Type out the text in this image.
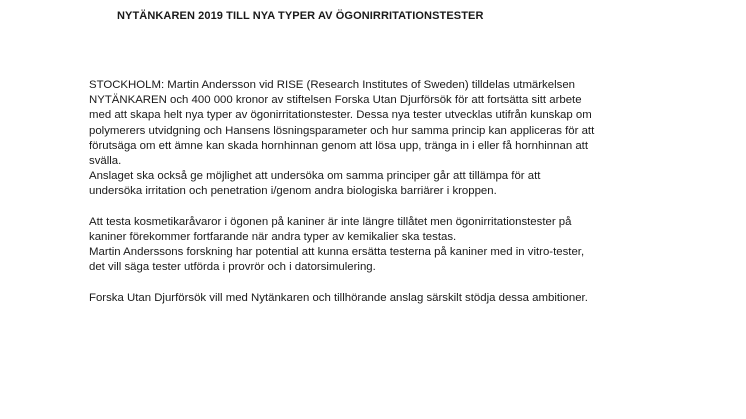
NYTÄNKAREN 2019 TILL NYA TYPER AV ÖGONIRRITATIONSTESTER
STOCKHOLM: Martin Andersson vid RISE (Research Institutes of Sweden) tilldelas utmärkelsen
NYTÄNKAREN och 400 000 kronor av stiftelsen Forska Utan Djurförsök för att fortsätta sitt arbete
med att skapa helt nya typer av ögonirritationstester. Dessa nya tester utvecklas utifrån kunskap om
polymerers utvidgning och Hansens lösningsparameter och hur samma princip kan appliceras för att
förutsäga om ett ämne kan skada hornhinnan genom att lösa upp, tränga in i eller få hornhinnan att
svälla.
Anslaget ska också ge möjlighet att undersöka om samma principer går att tillämpa för att
undersöka irritation och penetration i/genom andra biologiska barriärer i kroppen.
Att testa kosmetikaråvaror i ögonen på kaniner är inte längre tillåtet men ögonirritationstester på
kaniner förekommer fortfarande när andra typer av kemikalier ska testas.
Martin Anderssons forskning har potential att kunna ersätta testerna på kaniner med in vitro-tester,
det vill säga tester utförda i provrör och i datorsimulering.
Forska Utan Djurförsök vill med Nytänkaren och tillhörande anslag särskilt stödja dessa ambitioner.
